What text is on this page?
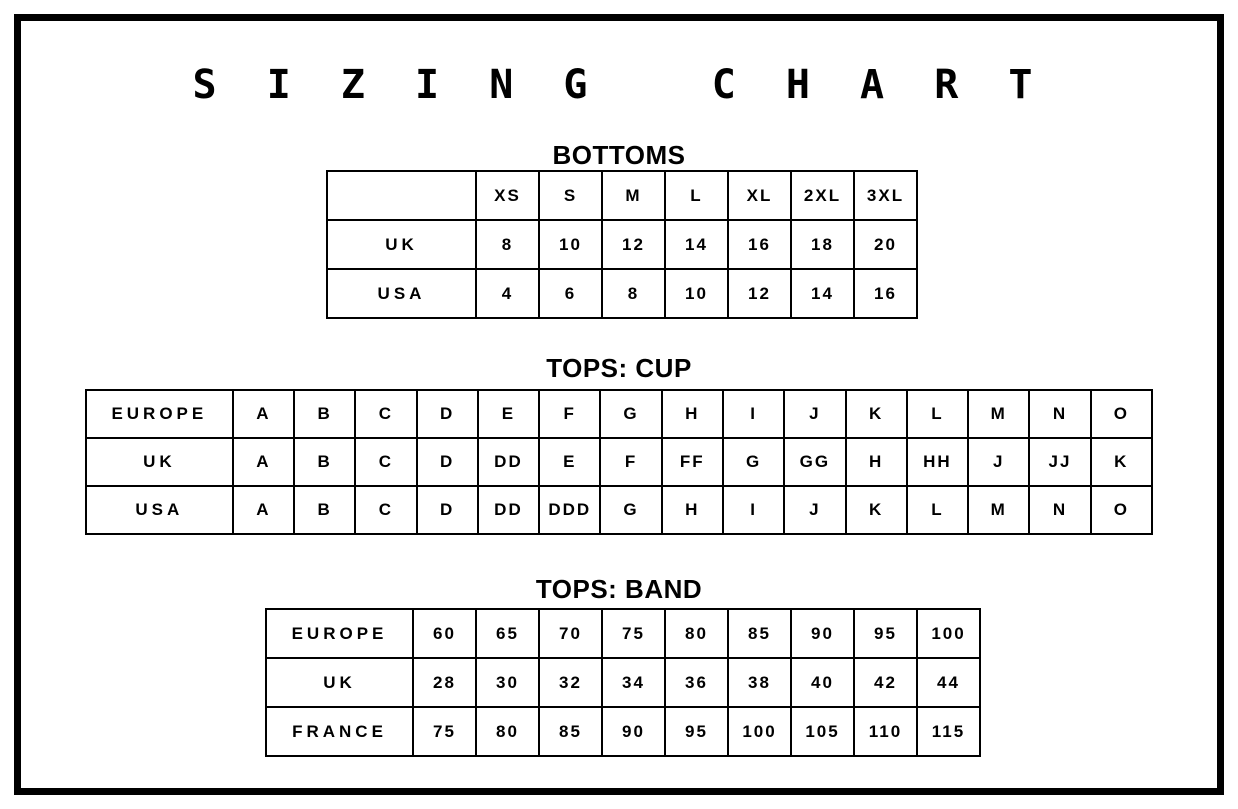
S I Z I N G   C H A R T
BOTTOMS
	XS	S	M	L	XL	2XL	3XL
UK	8	10	12	14	16	18	20
USA	4	6	8	10	12	14	16
TOPS: CUP
EUROPE	A	B	C	D	E	F	G	H	I	J	K	L	M	N	O
UK	A	B	C	D	DD	E	F	FF	G	GG	H	HH	J	JJ	K
USA	A	B	C	D	DD	DDD	G	H	I	J	K	L	M	N	O
TOPS: BAND
EUROPE	60	65	70	75	80	85	90	95	100
UK	28	30	32	34	36	38	40	42	44
FRANCE	75	80	85	90	95	100	105	110	115
